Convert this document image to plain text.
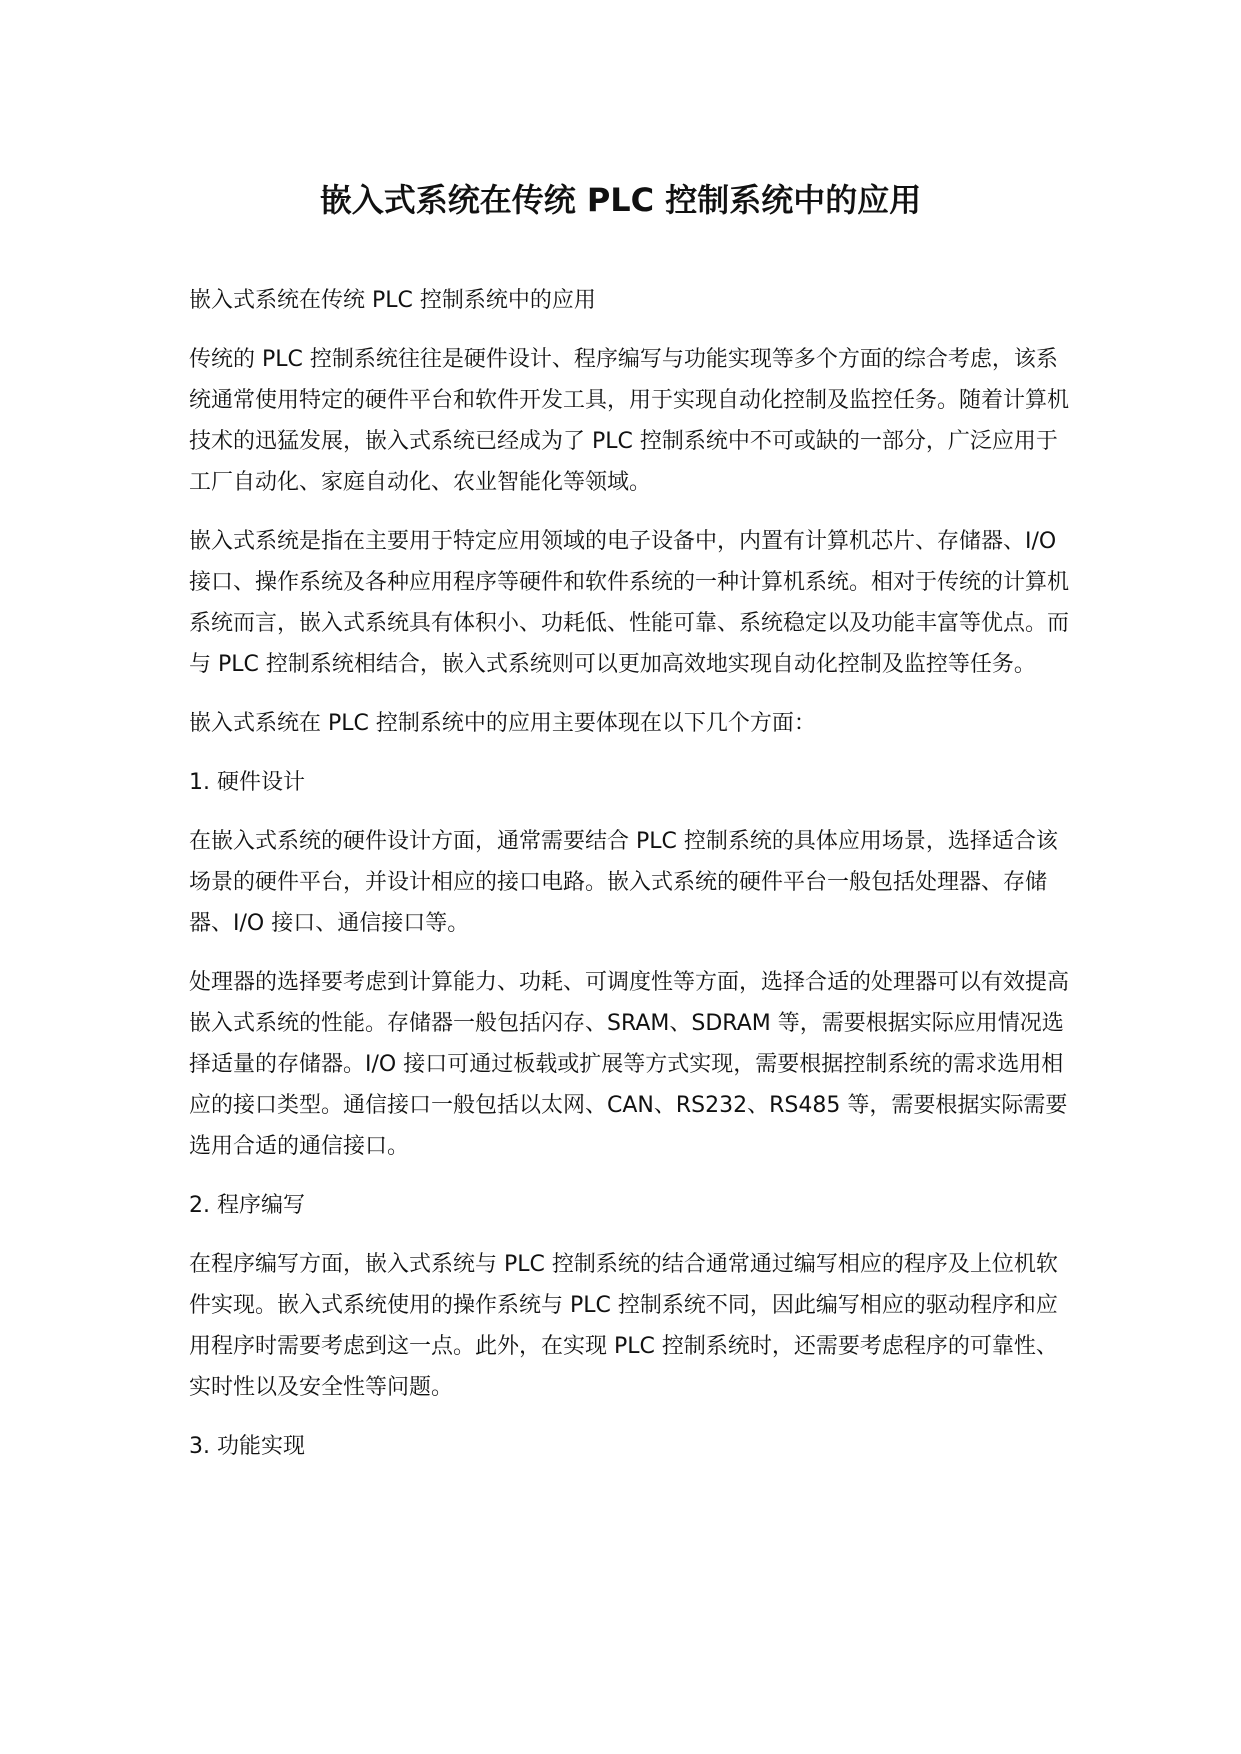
嵌入式系统在传统 PLC 控制系统中的应用

嵌入式系统在传统 PLC 控制系统中的应用

传统的 PLC 控制系统往往是硬件设计、程序编写与功能实现等多个方面的综合考虑，该系统通常使用特定的硬件平台和软件开发工具，用于实现自动化控制及监控任务。随着计算机技术的迅猛发展，嵌入式系统已经成为了 PLC 控制系统中不可或缺的一部分，广泛应用于工厂自动化、家庭自动化、农业智能化等领域。

嵌入式系统是指在主要用于特定应用领域的电子设备中，内置有计算机芯片、存储器、I/O 接口、操作系统及各种应用程序等硬件和软件系统的一种计算机系统。相对于传统的计算机系统而言，嵌入式系统具有体积小、功耗低、性能可靠、系统稳定以及功能丰富等优点。而与 PLC 控制系统相结合，嵌入式系统则可以更加高效地实现自动化控制及监控等任务。

嵌入式系统在 PLC 控制系统中的应用主要体现在以下几个方面：

1. 硬件设计

在嵌入式系统的硬件设计方面，通常需要结合 PLC 控制系统的具体应用场景，选择适合该场景的硬件平台，并设计相应的接口电路。嵌入式系统的硬件平台一般包括处理器、存储器、I/O 接口、通信接口等。

处理器的选择要考虑到计算能力、功耗、可调度性等方面，选择合适的处理器可以有效提高嵌入式系统的性能。存储器一般包括闪存、SRAM、SDRAM 等，需要根据实际应用情况选择适量的存储器。I/O 接口可通过板载或扩展等方式实现，需要根据控制系统的需求选用相应的接口类型。通信接口一般包括以太网、CAN、RS232、RS485 等，需要根据实际需要选用合适的通信接口。

2. 程序编写

在程序编写方面，嵌入式系统与 PLC 控制系统的结合通常通过编写相应的程序及上位机软件实现。嵌入式系统使用的操作系统与 PLC 控制系统不同，因此编写相应的驱动程序和应用程序时需要考虑到这一点。此外，在实现 PLC 控制系统时，还需要考虑程序的可靠性、实时性以及安全性等问题。

3. 功能实现
